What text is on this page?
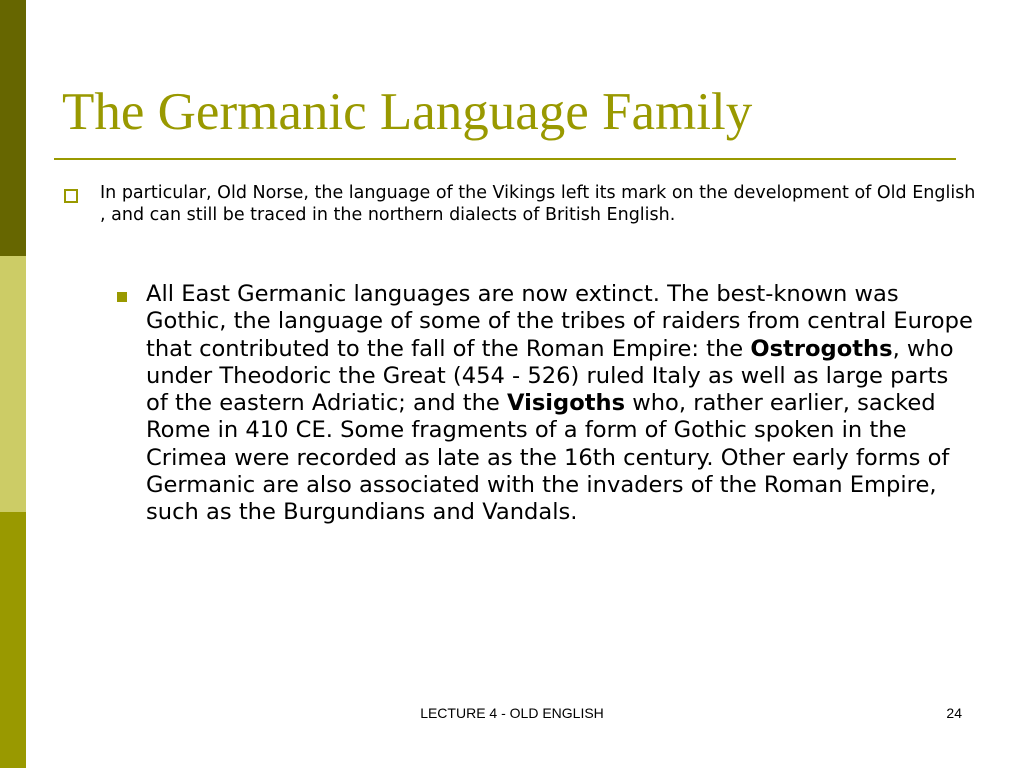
The Germanic Language Family

In particular, Old Norse, the language of the Vikings left its mark on the development of Old English , and can still be traced in the northern dialects of British English.

All East Germanic languages are now extinct. The best-known was Gothic, the language of some of the tribes of raiders from central Europe that contributed to the fall of the Roman Empire: the Ostrogoths, who under Theodoric the Great (454 - 526) ruled Italy as well as large parts of the eastern Adriatic; and the Visigoths who, rather earlier, sacked Rome in 410 CE. Some fragments of a form of Gothic spoken in the Crimea were recorded as late as the 16th century. Other early forms of Germanic are also associated with the invaders of the Roman Empire, such as the Burgundians and Vandals.

LECTURE 4 - OLD ENGLISH	24
